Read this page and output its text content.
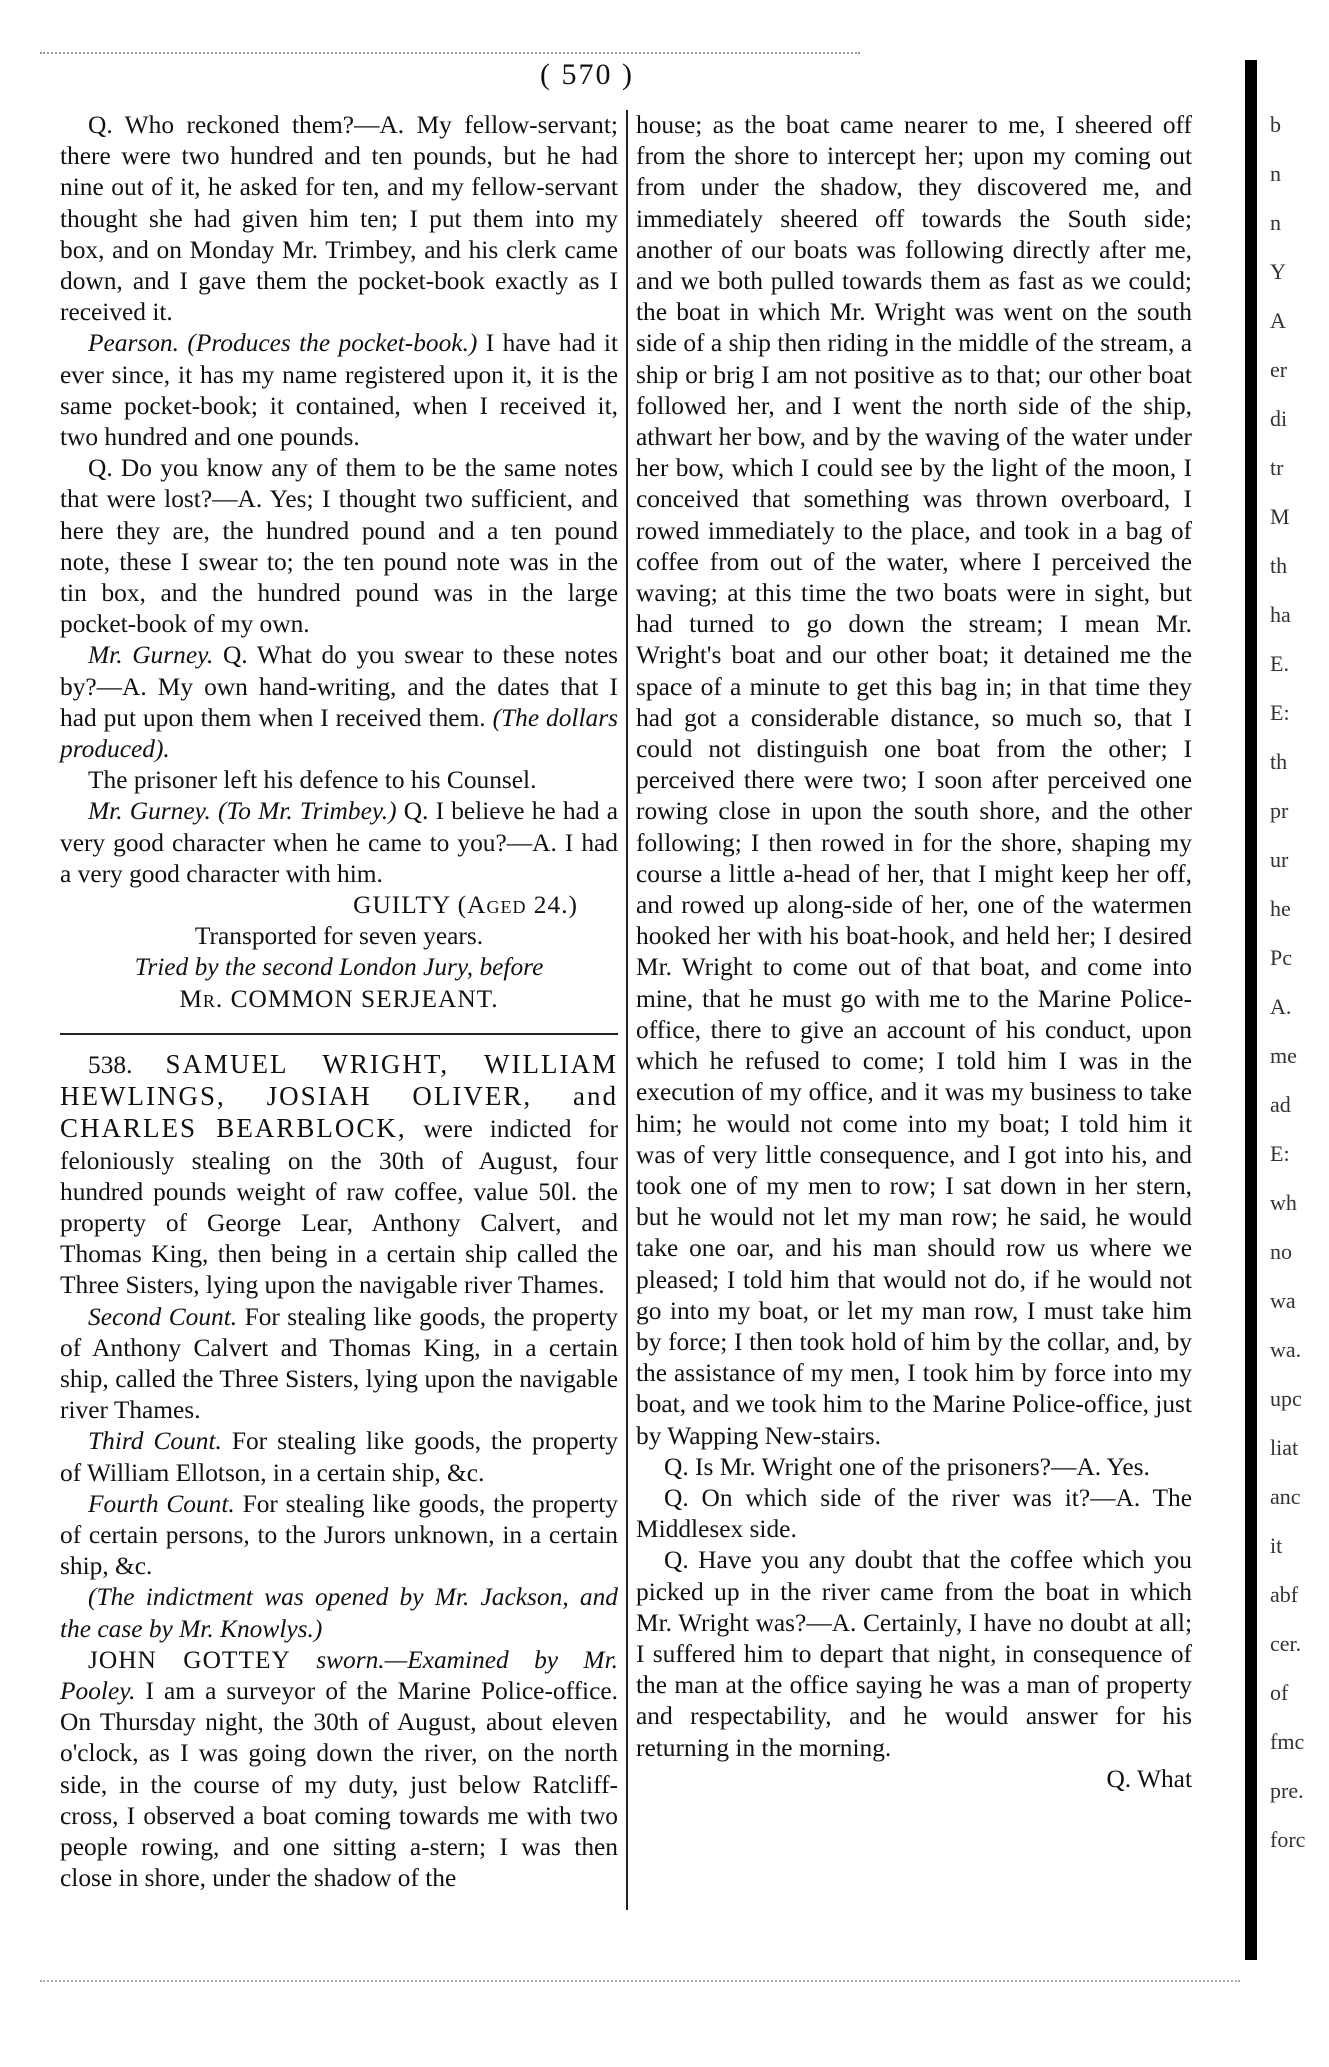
( 570 )

Q. Who reckoned them?—A. My fellow-servant; there were two hundred and ten pounds, but he had nine out of it, he asked for ten, and my fellow-servant thought she had given him ten; I put them into my box, and on Monday Mr. Trimbey, and his clerk came down, and I gave them the pocket-book exactly as I received it.

Pearson. (Produces the pocket-book.) I have had it ever since, it has my name registered upon it, it is the same pocket-book; it contained, when I received it, two hundred and one pounds.

Q. Do you know any of them to be the same notes that were lost?—A. Yes; I thought two sufficient, and here they are, the hundred pound and a ten pound note, these I swear to; the ten pound note was in the tin box, and the hundred pound was in the large pocket-book of my own.

Mr. Gurney. Q. What do you swear to these notes by?—A. My own hand-writing, and the dates that I had put upon them when I received them. (The dollars produced).

The prisoner left his defence to his Counsel.

Mr. Gurney. (To Mr. Trimbey.) Q. I believe he had a very good character when he came to you?—A. I had a very good character with him.

GUILTY (Aged 24.)

Transported for seven years.

Tried by the second London Jury, before

Mr. COMMON SERJEANT.

538. SAMUEL WRIGHT, WILLIAM HEWLINGS, JOSIAH OLIVER, and CHARLES BEARBLOCK, were indicted for feloniously stealing on the 30th of August, four hundred pounds weight of raw coffee, value 50l. the property of George Lear, Anthony Calvert, and Thomas King, then being in a certain ship called the Three Sisters, lying upon the navigable river Thames.

Second Count. For stealing like goods, the property of Anthony Calvert and Thomas King, in a certain ship, called the Three Sisters, lying upon the navigable river Thames.

Third Count. For stealing like goods, the property of William Ellotson, in a certain ship, &c.

Fourth Count. For stealing like goods, the property of certain persons, to the Jurors unknown, in a certain ship, &c.

(The indictment was opened by Mr. Jackson, and the case by Mr. Knowlys.)

JOHN GOTTEY sworn.—Examined by Mr. Pooley. I am a surveyor of the Marine Police-office. On Thursday night, the 30th of August, about eleven o'clock, as I was going down the river, on the north side, in the course of my duty, just below Ratcliff-cross, I observed a boat coming towards me with two people rowing, and one sitting a-stern; I was then close in shore, under the shadow of the

house; as the boat came nearer to me, I sheered off from the shore to intercept her; upon my coming out from under the shadow, they discovered me, and immediately sheered off towards the South side; another of our boats was following directly after me, and we both pulled towards them as fast as we could; the boat in which Mr. Wright was went on the south side of a ship then riding in the middle of the stream, a ship or brig I am not positive as to that; our other boat followed her, and I went the north side of the ship, athwart her bow, and by the waving of the water under her bow, which I could see by the light of the moon, I conceived that something was thrown overboard, I rowed immediately to the place, and took in a bag of coffee from out of the water, where I perceived the waving; at this time the two boats were in sight, but had turned to go down the stream; I mean Mr. Wright's boat and our other boat; it detained me the space of a minute to get this bag in; in that time they had got a considerable distance, so much so, that I could not distinguish one boat from the other; I perceived there were two; I soon after perceived one rowing close in upon the south shore, and the other following; I then rowed in for the shore, shaping my course a little a-head of her, that I might keep her off, and rowed up along-side of her, one of the watermen hooked her with his boat-hook, and held her; I desired Mr. Wright to come out of that boat, and come into mine, that he must go with me to the Marine Police-office, there to give an account of his conduct, upon which he refused to come; I told him I was in the execution of my office, and it was my business to take him; he would not come into my boat; I told him it was of very little consequence, and I got into his, and took one of my men to row; I sat down in her stern, but he would not let my man row; he said, he would take one oar, and his man should row us where we pleased; I told him that would not do, if he would not go into my boat, or let my man row, I must take him by force; I then took hold of him by the collar, and, by the assistance of my men, I took him by force into my boat, and we took him to the Marine Police-office, just by Wapping New-stairs.

Q. Is Mr. Wright one of the prisoners?—A. Yes.

Q. On which side of the river was it?—A. The Middlesex side.

Q. Have you any doubt that the coffee which you picked up in the river came from the boat in which Mr. Wright was?—A. Certainly, I have no doubt at all; I suffered him to depart that night, in consequence of the man at the office saying he was a man of property and respectability, and he would answer for his returning in the morning.

Q. What

b
n
n
Y
A
er
di
tr
M
th
ha
E.
E:
th
pr
ur
he
Pc
A.
me
ad
E:
wh
no
wa
wa.
upc
liat
anc
it
abf
cer.
of
fmc
pre.
forc
